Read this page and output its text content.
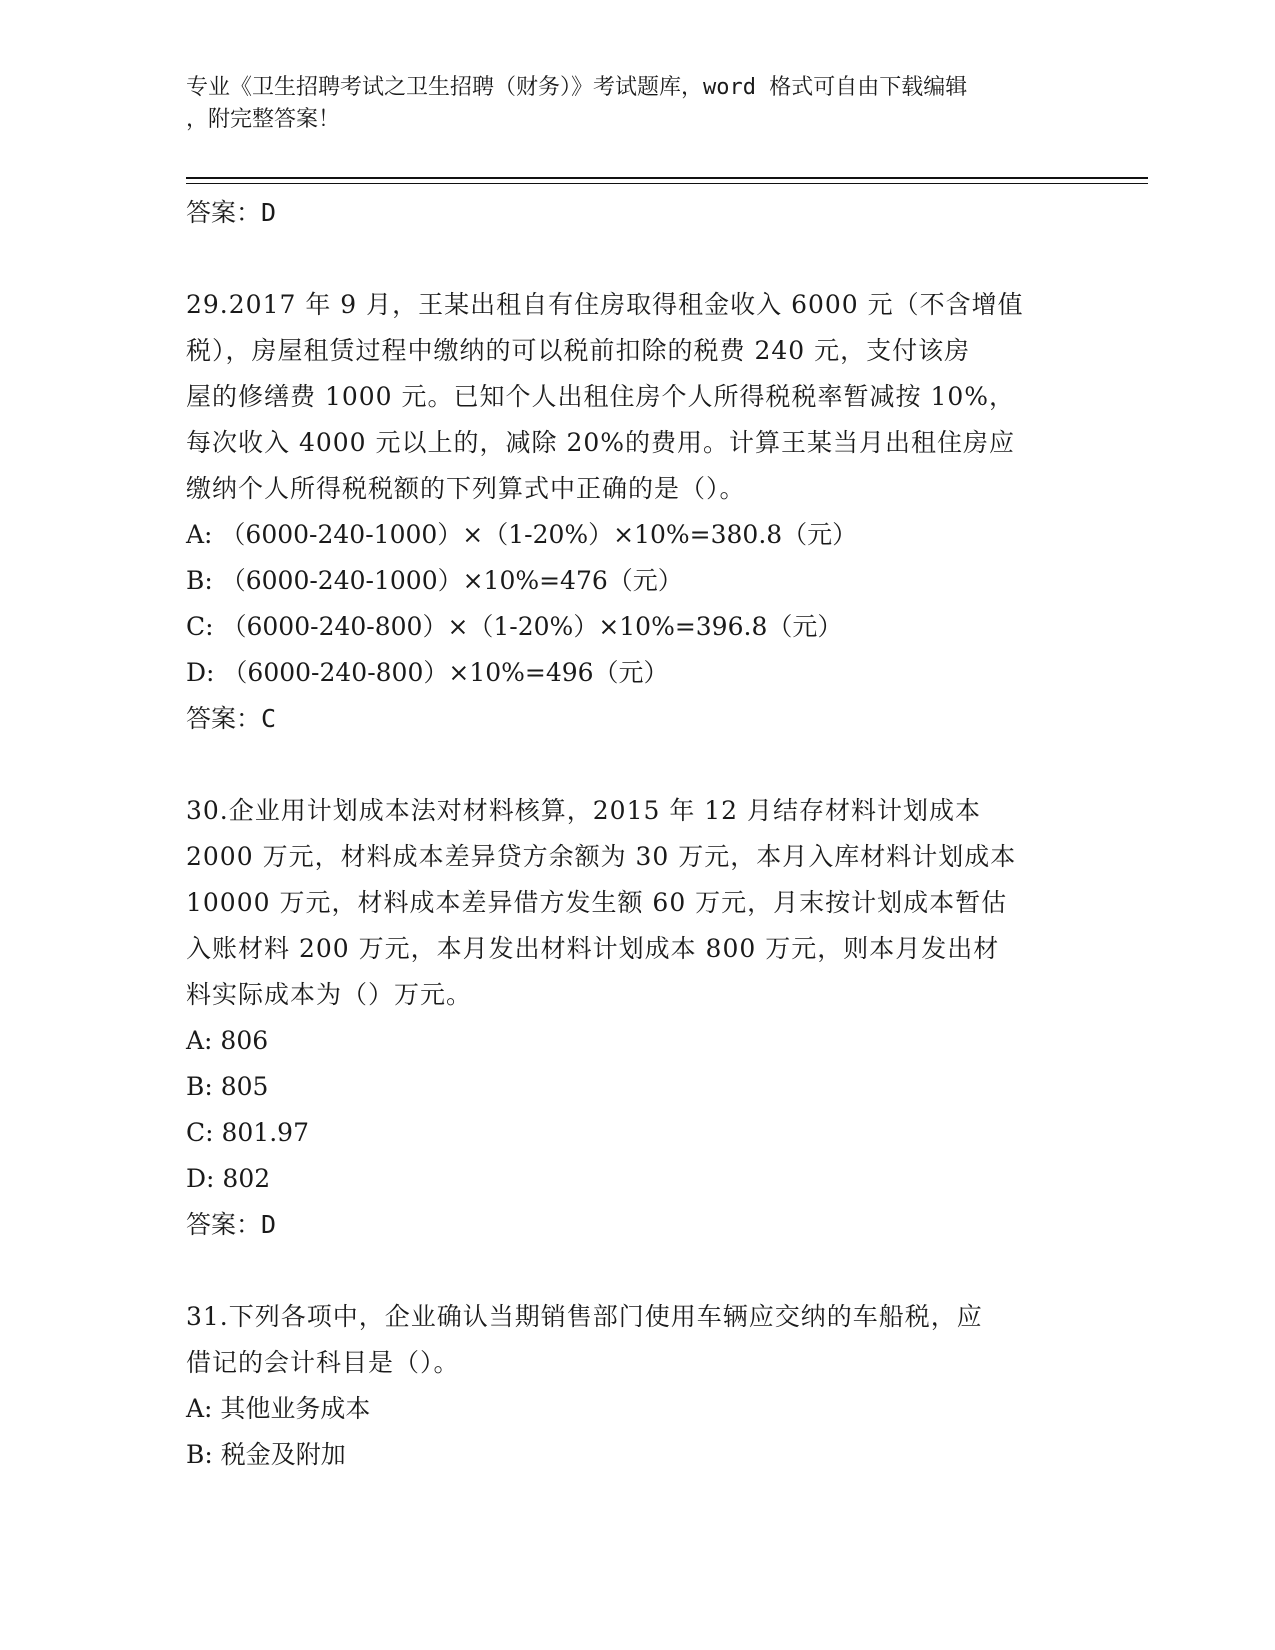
专业《卫生招聘考试之卫生招聘（财务）》考试题库，word 格式可自由下载编辑
，附完整答案！

答案：D

29.2017 年 9 月，王某出租自有住房取得租金收入 6000 元（不含增值
税），房屋租赁过程中缴纳的可以税前扣除的税费 240 元，支付该房
屋的修缮费 1000 元。已知个人出租住房个人所得税税率暂减按 10%，
每次收入 4000 元以上的，减除 20%的费用。计算王某当月出租住房应
缴纳个人所得税税额的下列算式中正确的是（）。
A: （6000-240-1000）×（1-20%）×10%=380.8（元）
B: （6000-240-1000）×10%=476（元）
C: （6000-240-800）×（1-20%）×10%=396.8（元）
D: （6000-240-800）×10%=496（元）

答案：C

30.企业用计划成本法对材料核算，2015 年 12 月结存材料计划成本
2000 万元，材料成本差异贷方余额为 30 万元，本月入库材料计划成本
10000 万元，材料成本差异借方发生额 60 万元，月末按计划成本暂估
入账材料 200 万元，本月发出材料计划成本 800 万元，则本月发出材
料实际成本为（）万元。
A: 806
B: 805
C: 801.97
D: 802

答案：D

31.下列各项中，企业确认当期销售部门使用车辆应交纳的车船税，应
借记的会计科目是（）。
A: 其他业务成本
B: 税金及附加
